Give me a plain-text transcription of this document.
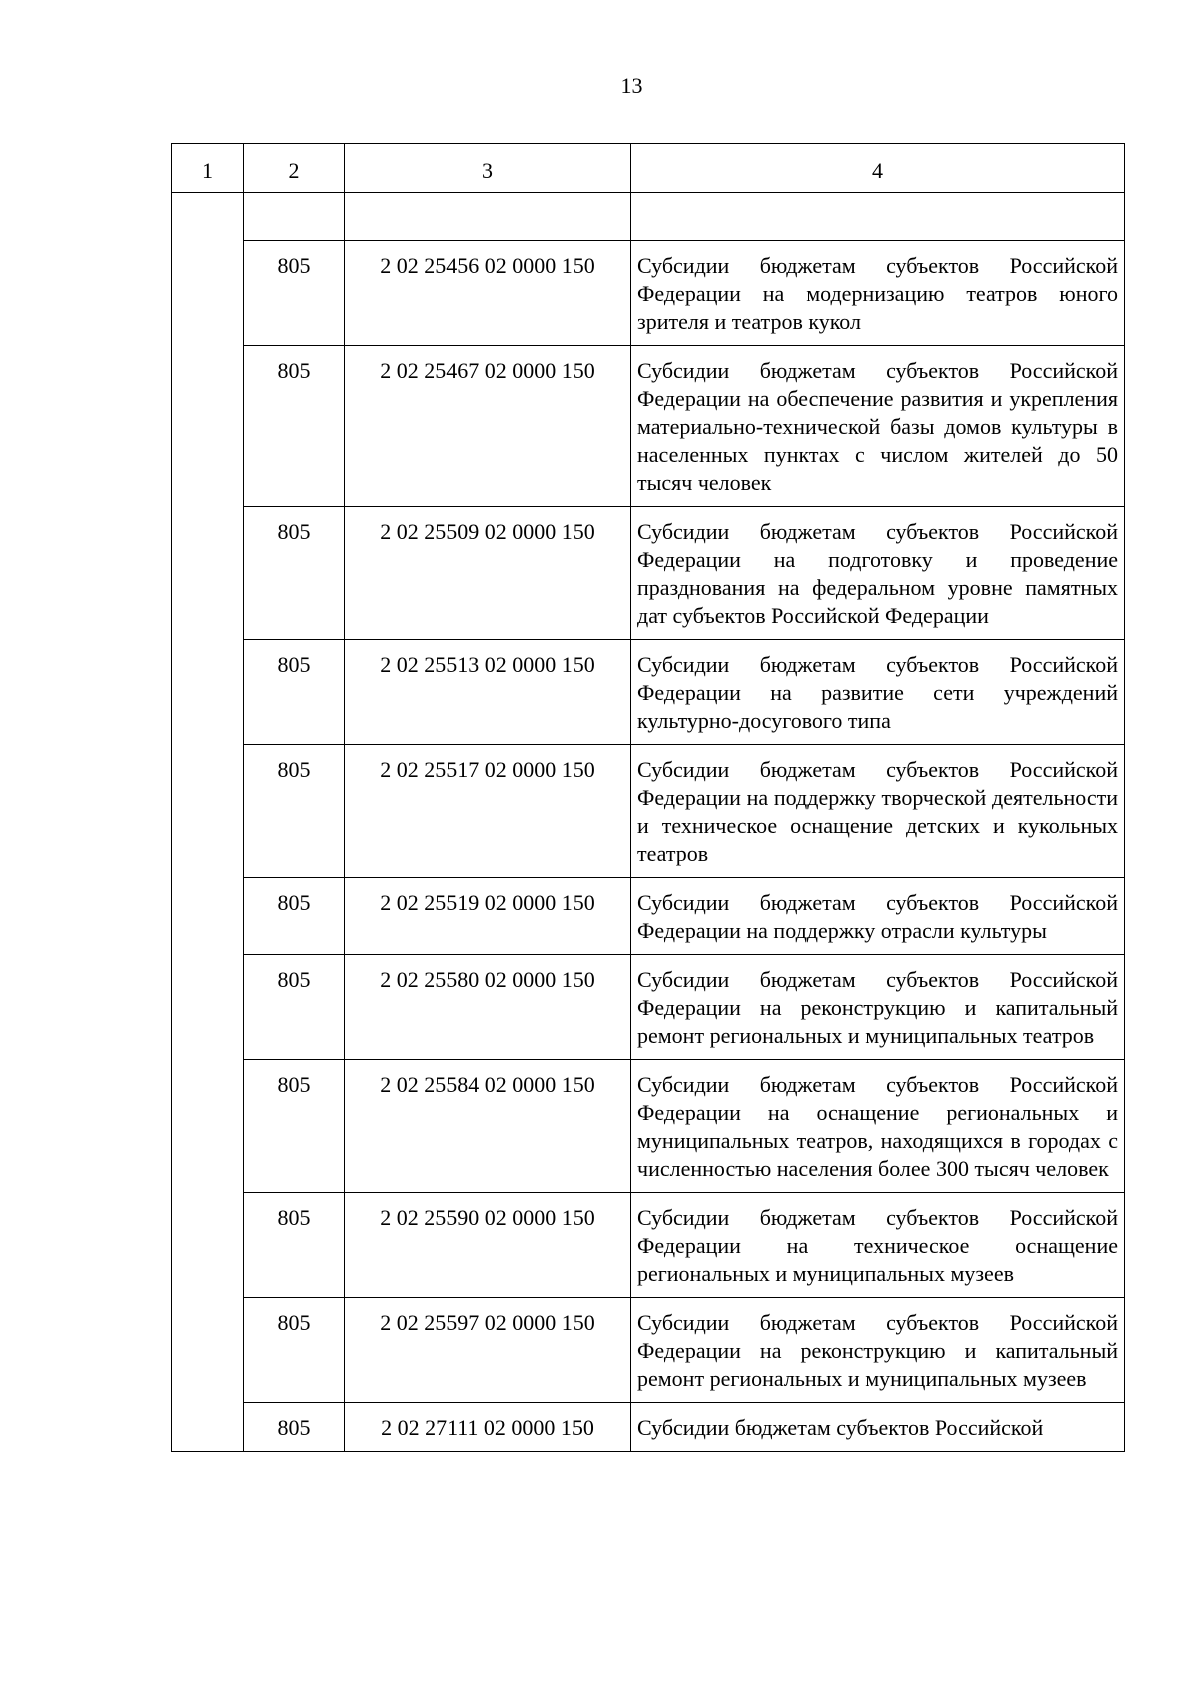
13
1	2	3	4

	805	2 02 25456 02 0000 150	Субсидии бюджетам субъектов Российской Федерации на модернизацию театров юного зрителя и театров кукол
	805	2 02 25467 02 0000 150	Субсидии бюджетам субъектов Российской Федерации на обеспечение развития и укрепления материально-технической базы домов культуры в населенных пунктах с числом жителей до 50 тысяч человек
	805	2 02 25509 02 0000 150	Субсидии бюджетам субъектов Российской Федерации на подготовку и проведение празднования на федеральном уровне памятных дат субъектов Российской Федерации
	805	2 02 25513 02 0000 150	Субсидии бюджетам субъектов Российской Федерации на развитие сети учреждений культурно-досугового типа
	805	2 02 25517 02 0000 150	Субсидии бюджетам субъектов Российской Федерации на поддержку творческой деятельности и техническое оснащение детских и кукольных театров
	805	2 02 25519 02 0000 150	Субсидии бюджетам субъектов Российской Федерации на поддержку отрасли культуры
	805	2 02 25580 02 0000 150	Субсидии бюджетам субъектов Российской Федерации на реконструкцию и капитальный ремонт региональных и муниципальных театров
	805	2 02 25584 02 0000 150	Субсидии бюджетам субъектов Российской Федерации на оснащение региональных и муниципальных театров, находящихся в городах с численностью населения более 300 тысяч человек
	805	2 02 25590 02 0000 150	Субсидии бюджетам субъектов Российской Федерации на техническое оснащение региональных и муниципальных музеев
	805	2 02 25597 02 0000 150	Субсидии бюджетам субъектов Российской Федерации на реконструкцию и капитальный ремонт региональных и муниципальных музеев
	805	2 02 27111 02 0000 150	Субсидии бюджетам субъектов Российской
